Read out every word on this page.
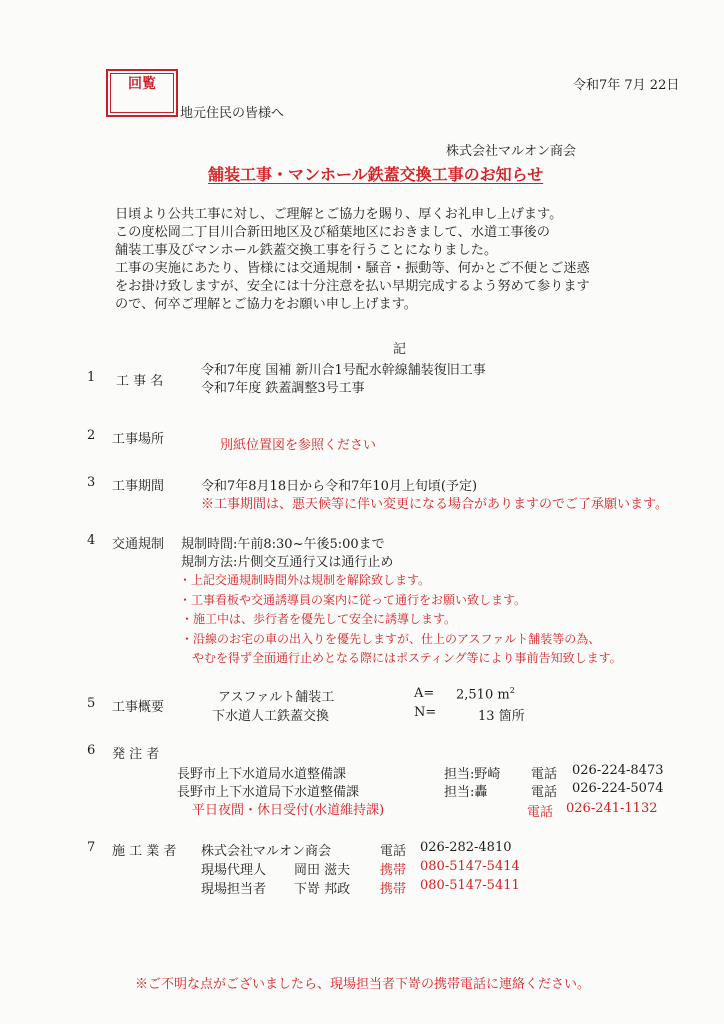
回覧	令和7年 7月 22日
地元住民の皆様へ
株式会社マルオン商会
舗装工事・マンホール鉄蓋交換工事のお知らせ

日頃より公共工事に対し、ご理解とご協力を賜り、厚くお礼申し上げます。

この度松岡二丁目川合新田地区及び稲葉地区におきまして、水道工事後の

舗装工事及びマンホール鉄蓋交換工事を行うことになりました。

工事の実施にあたり、皆様には交通規制・騒音・振動等、何かとご不便とご迷惑

をお掛け致しますが、安全には十分注意を払い早期完成するよう努めて参ります

ので、何卒ご理解とご協力をお願い申し上げます。

記
1 工 事 名
令和7年度 国補 新川合1号配水幹線舗装復旧工事
令和7年度 鉄蓋調整3号工事
2 工事場所	別紙位置図を参照ください
3 工事期間	令和7年8月18日から令和7年10月上旬頃(予定)
※工事期間は、悪天候等に伴い変更になる場合がありますのでご了承願います。
4 交通規制 規制時間:午前8:30~午後5:00まで
規制方法:片側交互通行又は通行止め
・上記交通規制時間外は規制を解除致します。
・工事看板や交通誘導員の案内に従って通行をお願い致します。
・施工中は、歩行者を優先して安全に誘導します。
・沿線のお宅の車の出入りを優先しますが、仕上のアスファルト舗装等の為、
やむを得ず全面通行止めとなる際にはポスティング等により事前告知致します。
5 工事概要
アスファルト舗装工	A= 2,510 $m^2$
下水道人工鉄蓋交換	N=	13 箇所
6 発 注 者
長野市上下水道局水道整備課	担当:野崎 電話 026-224-8473
長野市上下水道局下水道整備課	担当:轟	電話 026-224-5074
平日夜間・休日受付(水道維持課)	電話 026-241-1132
7 施 工 業 者 株式会社マルオン商会	電話 026-282-4810
現場代理人 岡田 滋夫 携帯 080-5147-5414
現場担当者 下嵜 邦政 携帯 080-5147-5411
※ご不明な点がございましたら、現場担当者下嵜の携帯電話に連絡ください。
